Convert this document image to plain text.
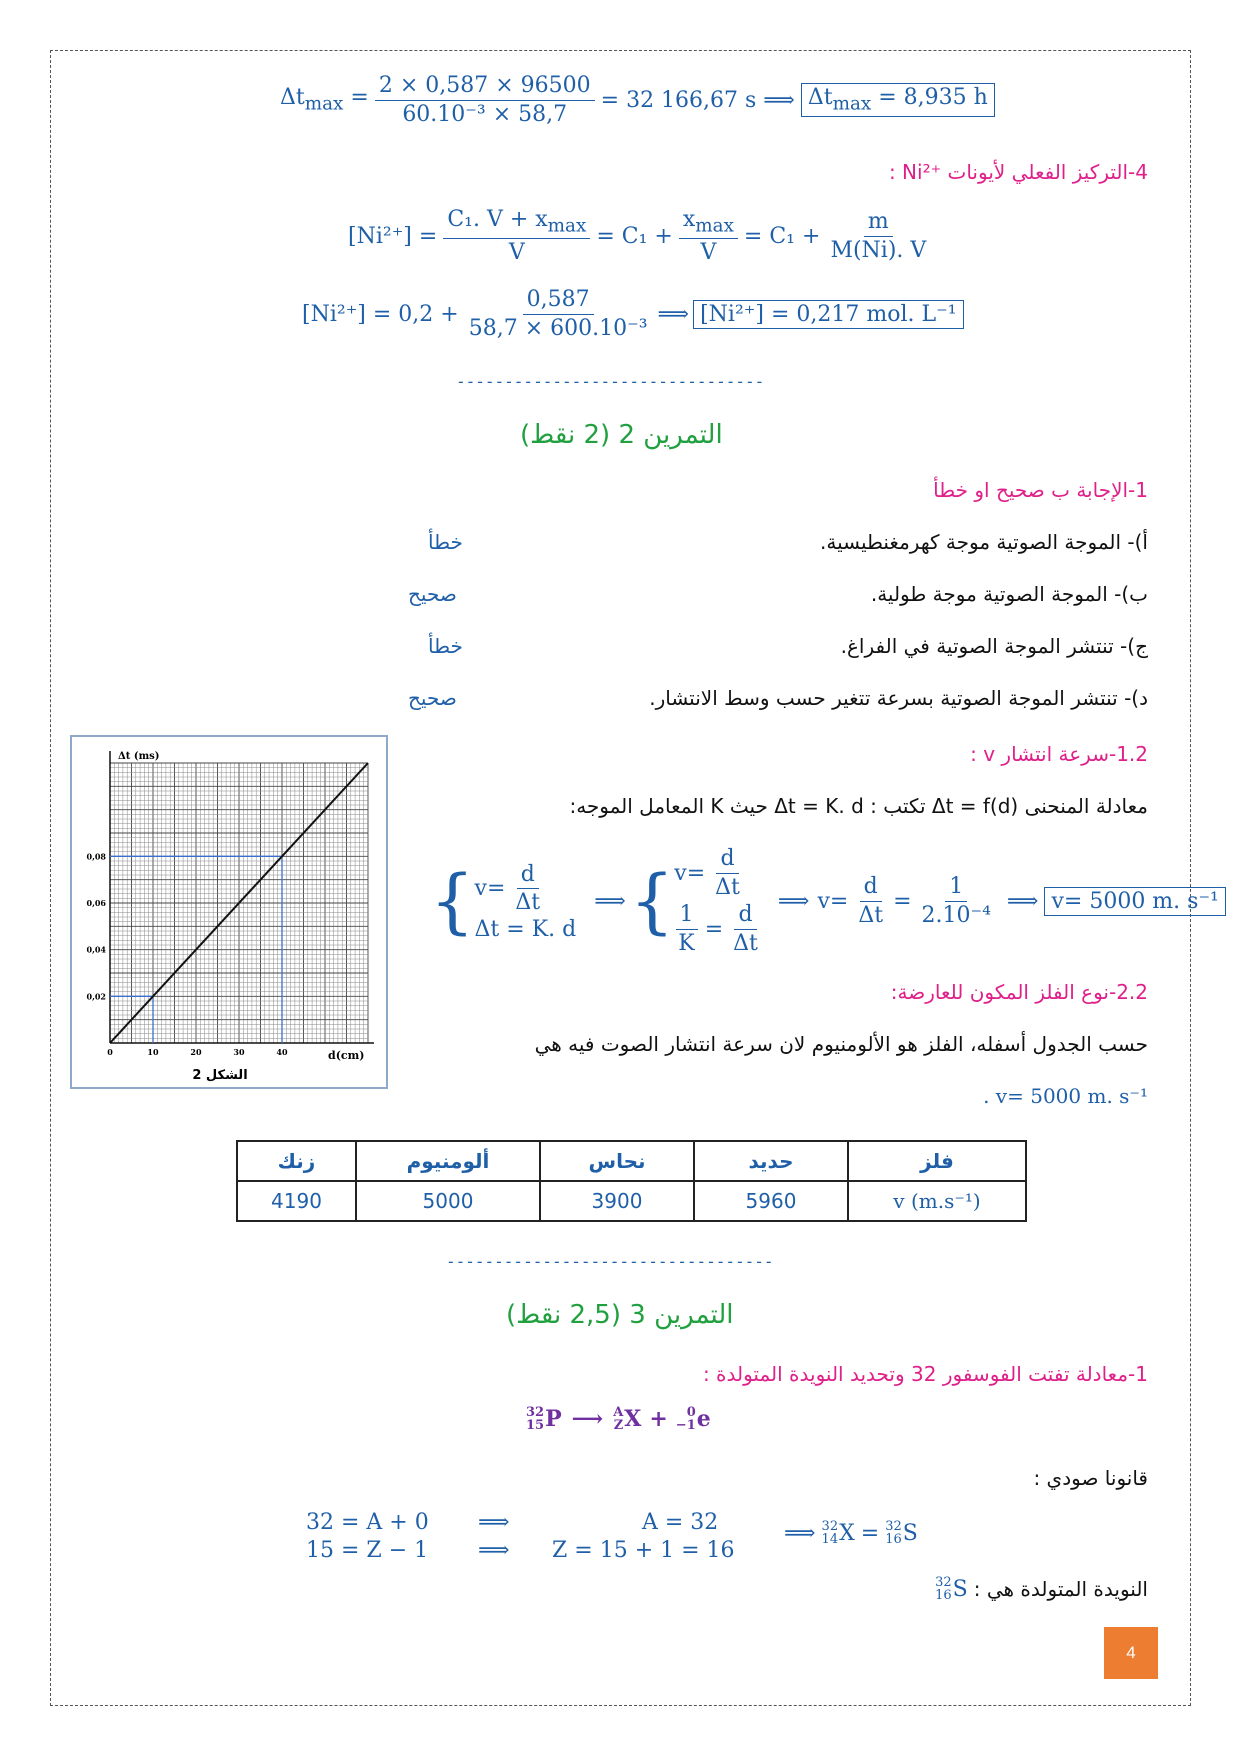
$\Delta t_{max} = \frac{2 \times 0,587 \times 96500}{\text{60.10⁻³ × 58,7}} = 32$ 166,67 s ⟹ $\Delta t_{max} = 8,935$ h
4-التركيز الفعلي لأيونات ⁺Ni² :
$[Ni^{2+}] = \frac{C_1. V + x_{max}}{V} = C_1 + \frac{x_{max}}{V} = C_1 + \frac{m}{M(Ni). V}$
$[Ni^{2+}] = 0,2 + \frac{0,587}{\text{58,7 × 600.10⁻³}}$ ⟹ [Ni²⁺] = 0,217 mol. L⁻¹
--------------------------------
التمرين 2 (2 نقط)
1-الإجابة ب صحيح او خطأ
أ)- الموجة الصوتية موجة كهرمغنطيسية.
خطأ
ب)- الموجة الصوتية موجة طولية.
صحيح
ج)- تنتشر الموجة الصوتية في الفراغ.
خطأ
د)- تنتشر الموجة الصوتية بسرعة تتغير حسب وسط الانتشار.
صحيح
0,08
0,06
0,04
0,02
0	10	20	30	40
Δt (ms)
d(cm)
الشكل 2
1.2-سرعة انتشار v :
معادلة المنحنى Δt = f(d) تكتب : Δt = K. d حيث K المعامل الموجه:
{ $v= \frac{d}{\Delta t}$
Δt = K. d
⟹ { $v= \frac{d}{\Delta t}$
$\frac{1}{K} = \frac{d}{\Delta t}$ ⟹ $v= \frac{d}{\Delta t} = \frac{1}{\text{2.10⁻⁴}}$ ⟹ v= 5000 m. s⁻¹
2.2-نوع الفلز المكون للعارضة:
حسب الجدول أسفله، الفلز هو الألومنيوم لان سرعة انتشار الصوت فيه هي
. v= 5000 m. s⁻¹
فلز	حديد	نحاس	ألومنيوم	زنك
v (m.s⁻¹)	5960	3900	5000	4190
----------------------------------
التمرين 3 (2,5 نقط)
1-معادلة تفتت الفوسفور 32 وتحديد النويدة المتولدة :
32
15 P ⟶ A
Z X +	0
−1 e
قانونا صودي :
32 = A + 0 ⟹	A = 32
15 = Z − 1 ⟹ Z = 15 + 1 = 16
⟹ 32
14 X = 32
16 S
النويدة المتولدة هي :
32
16 S
4
